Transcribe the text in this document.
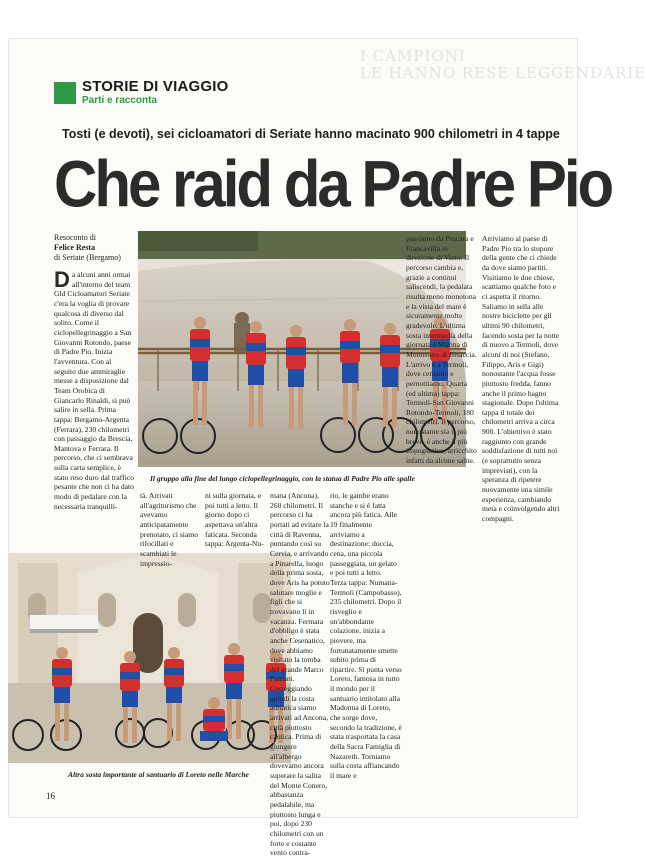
I CAMPIONI
LE HANNO RESE LEGGENDARIE
STORIE DI VIAGGIO
Parti e racconta
Tosti (e devoti), sei cicloamatori di Seriate hanno macinato 900 chilometri in 4 tappe
Che raid da Padre Pio
Resoconto di
Felice Resta
di Seriate (Bergamo)
Il gruppo alla fine del lungo ciclopellegrinaggio, con la statua di Padre Pio alle spalle
Altra sosta importante al santuario di Loreto nelle Marche
D a alcuni anni ormai all'interno del team Gld Cicloamatori Seriate c'era la voglia di provare qualcosa di diverso dal solito. Come il ciclopellegrinaggio a San Giovanni Rotondo, paese di Padre Pio. Inizia l'avventura. Con al seguito due ammiraglie messe a disposizione dal Team Orobica di Giancarlo Rinaldi, si può salire in sella. Prima tappa: Bergamo-Argenta (Ferrara), 230 chilometri con passaggio da Brescia, Mantova e Ferrara. Il percorso, che ci sembrava sulla carta semplice, è stato reso duro dal traffico pesante che non ci ha dato modo di pedalare con la necessaria tranquilli-

tà. Arrivati all'agriturismo che avevamo anticipatamente prenotato, ci siamo rifocillati e scambiati le impressio-

ni sulla giornata, e poi tutti a letto. Il giorno dopo ci aspettava un'altra faticata. Seconda tappa: Argenta-Nu-

mana (Ancona), 260 chilometri. Il percorso ci ha portati ad evitare la città di Ravenna, puntando così su Cervia, e arrivando a Pinarella, luogo della prima sosta, dove Aris ha potuto salutare moglie e figli che si trovavano lì in vacanza. Fermata d'obbligo è stata anche Cesenatico, dove abbiamo visitato la tomba del grande Marco Pantani. Costeggiando quindi la costa adriatica siamo arrivati ad Ancona, città piuttosto caotica. Prima di giungere all'albergo dovevamo ancora superare la salita del Monte Conero, abbastanza pedalabile, ma piuttosto lunga e poi, dopo 230 chilometri con un forte e costante vento contra-

rio, le gambe erano stanche e si è fatta ancora più fatica. Alle 19 finalmente arriviamo a destinazione: doccia, cena, una piccola passeggiata, un gelato e poi tutti a letto.

Terza tappa: Numana-Termoli (Campobasso), 235 chilometri. Dopo il risveglio e un'abbondante colazione, inizia a piovere, ma fortunatamente smette subito prima di ripartire. Si punta verso Loreto, famosa in tutto il mondo per il santuario intitolato alla Madonna di Loreto, che sorge dove, secondo la tradizione, è stata trasportata la casa della Sacra Famiglia di Nazareth. Torniamo sulla costa affiancando il mare e

passiamo da Pescara e Francavilla in direzione di Vasto. Il percorso cambia e, grazie a continui saliscendi, la pedalata risulta meno monotona e la vista del mare è sicuramente molto gradevole. L'ultima sosta intermedia della giornata è Marina di Montenero di Bisaccia. L'arrivo è a Termoli, dove ceniamo e pernottiamo. Quarta (ed ultima) tappa: Termoli-San Giovanni Rotondo-Termoli, 180 chilometri. Il percorso, nonostante sia il più breve, è anche il più impegnativo, arricchito infatti da alcune salite.

Arriviamo al paese di Padre Pio tra lo stupore della gente che ci chiede da dove siamo partiti. Visitiamo le due chiese, scattiamo qualche foto e ci aspetta il ritorno. Saliamo in sella alle nostre biciclette per gli ultimi 90 chilometri, facendo sosta per la notte di nuovo a Termoli, dove alcuni di noi (Stefano, Filippo, Aris e Gigi) nonostante l'acqua fosse piuttosto fredda, fanno anche il primo bagno stagionale. Dopo l'ultima tappa il totale dei chilometri arriva a circa 900. L'obiettivo è stato raggiunto con grande soddisfazione di tutti noi (e soprattutto senza imprevisti), con la speranza di ripetere nuovamente una simile esperienza, cambiando meta e coinvolgendo altri compagni.

16
